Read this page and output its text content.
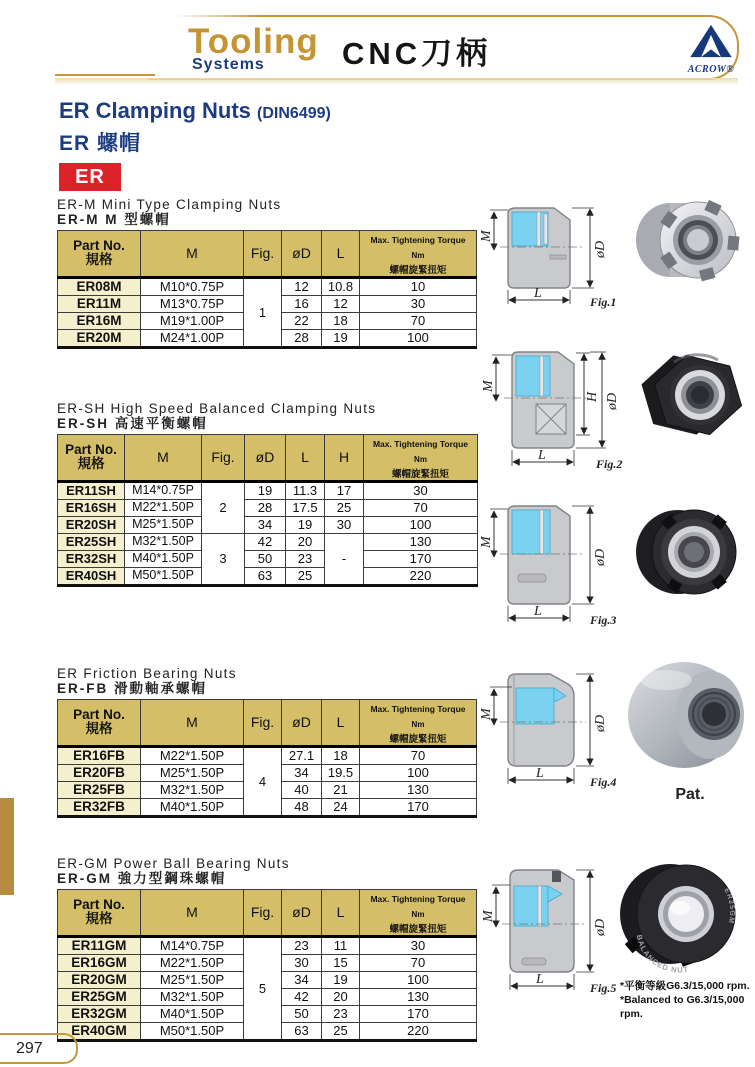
Tooling
Systems CNC刀柄	ACROW®
ER Clamping Nuts (DIN6499)
ER 螺帽
ER
ER-M Mini Type Clamping Nuts
ER-M M 型螺帽
Part No.
規格	M	Fig.	øD	L	Max. Tightening Torque
Nm
螺帽旋緊扭矩
ER08M	M10*0.75P	1	12	10.8	10
ER11M	M13*0.75P		16	12	30
ER16M	M19*1.00P		22	18	70
ER20M	M24*1.00P		28	19	100
ER-SH High Speed Balanced Clamping Nuts
ER-SH 高速平衡螺帽
Part No.
規格	M	Fig.	øD	L	H	Max. Tightening Torque
Nm
螺帽旋緊扭矩
ER11SH	M14*0.75P	2	19	11.3	17	30
ER16SH	M22*1.50P		28	17.5	25	70
ER20SH	M25*1.50P		34	19	30	100
ER25SH	M32*1.50P	3	42	20	-	130
ER32SH	M40*1.50P		50	23		170
ER40SH	M50*1.50P		63	25		220
ER Friction Bearing Nuts
ER-FB 滑動軸承螺帽
Part No.
規格	M	Fig.	øD	L	Max. Tightening Torque
Nm
螺帽旋緊扭矩
ER16FB	M22*1.50P	4	27.1	18	70
ER20FB	M25*1.50P		34	19.5	100
ER25FB	M32*1.50P		40	21	130
ER32FB	M40*1.50P		48	24	170
ER-GM Power Ball Bearing Nuts
ER-GM 強力型鋼珠螺帽
Part No.
規格	M	Fig.	øD	L	Max. Tightening Torque
Nm
螺帽旋緊扭矩
ER11GM	M14*0.75P	5	23	11	30
ER16GM	M22*1.50P		30	15	70
ER20GM	M25*1.50P		34	19	100
ER25GM	M32*1.50P		42	20	130
ER32GM	M40*1.50P		50	23	170
ER40GM	M50*1.50P		63	25	220
M
øD
L
Fig.1
M
H øD
L
Fig.2
M
øD
L
Fig.3
M
øD
L
Fig.4
Pat.
M
øD
L
Fig.5
BALANCED NUT
ER25GM
*平衡等級G6.3/15,000 rpm.
*Balanced to G6.3/15,000 rpm.
297
